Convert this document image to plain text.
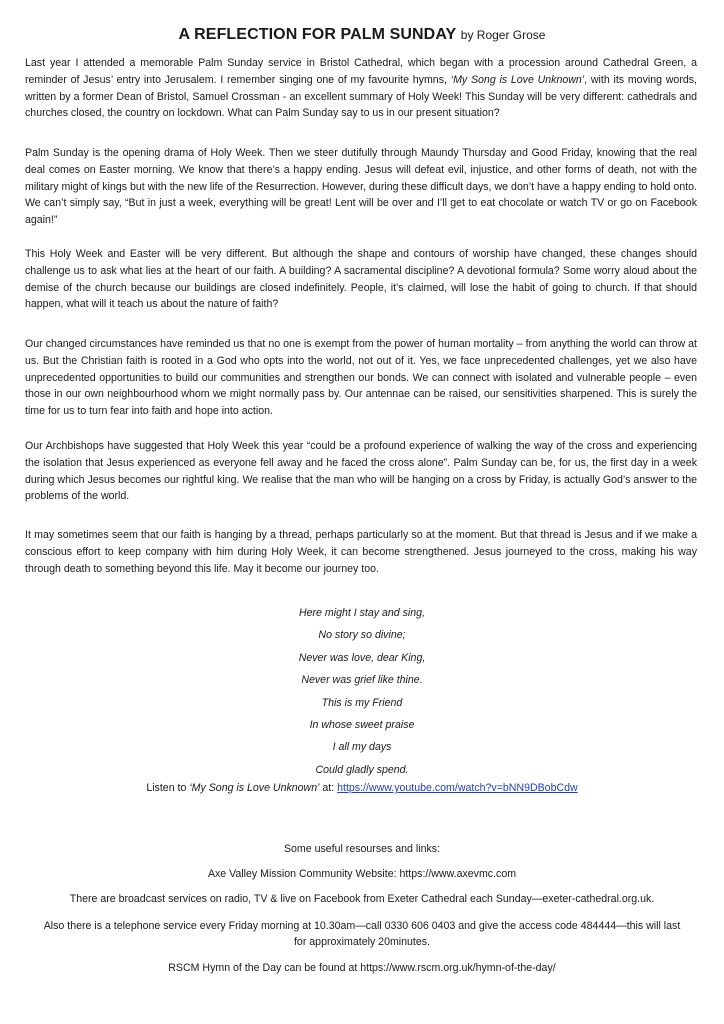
A REFLECTION FOR PALM SUNDAY by Roger Grose

Last year I attended a memorable Palm Sunday service in Bristol Cathedral, which began with a procession around Cathedral Green, a reminder of Jesus’ entry into Jerusalem. I remember singing one of my favourite hymns, ‘My Song is Love Unknown’, with its moving words, written by a former Dean of Bristol, Samuel Crossman - an excellent summary of Holy Week! This Sunday will be very different: cathedrals and churches closed, the country on lockdown. What can Palm Sunday say to us in our present situation?

Palm Sunday is the opening drama of Holy Week. Then we steer dutifully through Maundy Thursday and Good Friday, knowing that the real deal comes on Easter morning. We know that there’s a happy ending. Jesus will defeat evil, injustice, and other forms of death, not with the military might of kings but with the new life of the Resurrection. However, during these difficult days, we don’t have a happy ending to hold onto. We can’t simply say, “But in just a week, everything will be great! Lent will be over and I’ll get to eat chocolate or watch TV or go on Facebook again!”

This Holy Week and Easter will be very different. But although the shape and contours of worship have changed, these changes should challenge us to ask what lies at the heart of our faith. A building? A sacramental discipline? A devotional formula? Some worry aloud about the demise of the church because our buildings are closed indefinitely. People, it’s claimed, will lose the habit of going to church. If that should happen, what will it teach us about the nature of faith?

Our changed circumstances have reminded us that no one is exempt from the power of human mortality – from anything the world can throw at us. But the Christian faith is rooted in a God who opts into the world, not out of it. Yes, we face unprecedented challenges, yet we also have unprecedented opportunities to build our communities and strengthen our bonds. We can connect with isolated and vulnerable people – even those in our own neighbourhood whom we might normally pass by. Our antennae can be raised, our sensitivities sharpened. This is surely the time for us to turn fear into faith and hope into action.

Our Archbishops have suggested that Holy Week this year “could be a profound experience of walking the way of the cross and experiencing the isolation that Jesus experienced as everyone fell away and he faced the cross alone”. Palm Sunday can be, for us, the first day in a week during which Jesus becomes our rightful king. We realise that the man who will be hanging on a cross by Friday, is actually God’s answer to the problems of the world.

It may sometimes seem that our faith is hanging by a thread, perhaps particularly so at the moment. But that thread is Jesus and if we make a conscious effort to keep company with him during Holy Week, it can become strengthened. Jesus journeyed to the cross, making his way through death to something beyond this life. May it become our journey too.

Here might I stay and sing,
No story so divine;
Never was love, dear King,
Never was grief like thine.
This is my Friend
In whose sweet praise
I all my days
Could gladly spend.
Listen to ‘My Song is Love Unknown’ at: https://www.youtube.com/watch?v=bNN9DBobCdw
Some useful resourses and links:
Axe Valley Mission Community Website: https://www.axevmc.com
There are broadcast services on radio, TV & live on Facebook from Exeter Cathedral each Sunday—exeter-cathedral.org.uk.
Also there is a telephone service every Friday morning at 10.30am—call 0330 606 0403 and give the access code 484444—this will last
for approximately 20minutes.
RSCM Hymn of the Day can be found at https://www.rscm.org.uk/hymn-of-the-day/
